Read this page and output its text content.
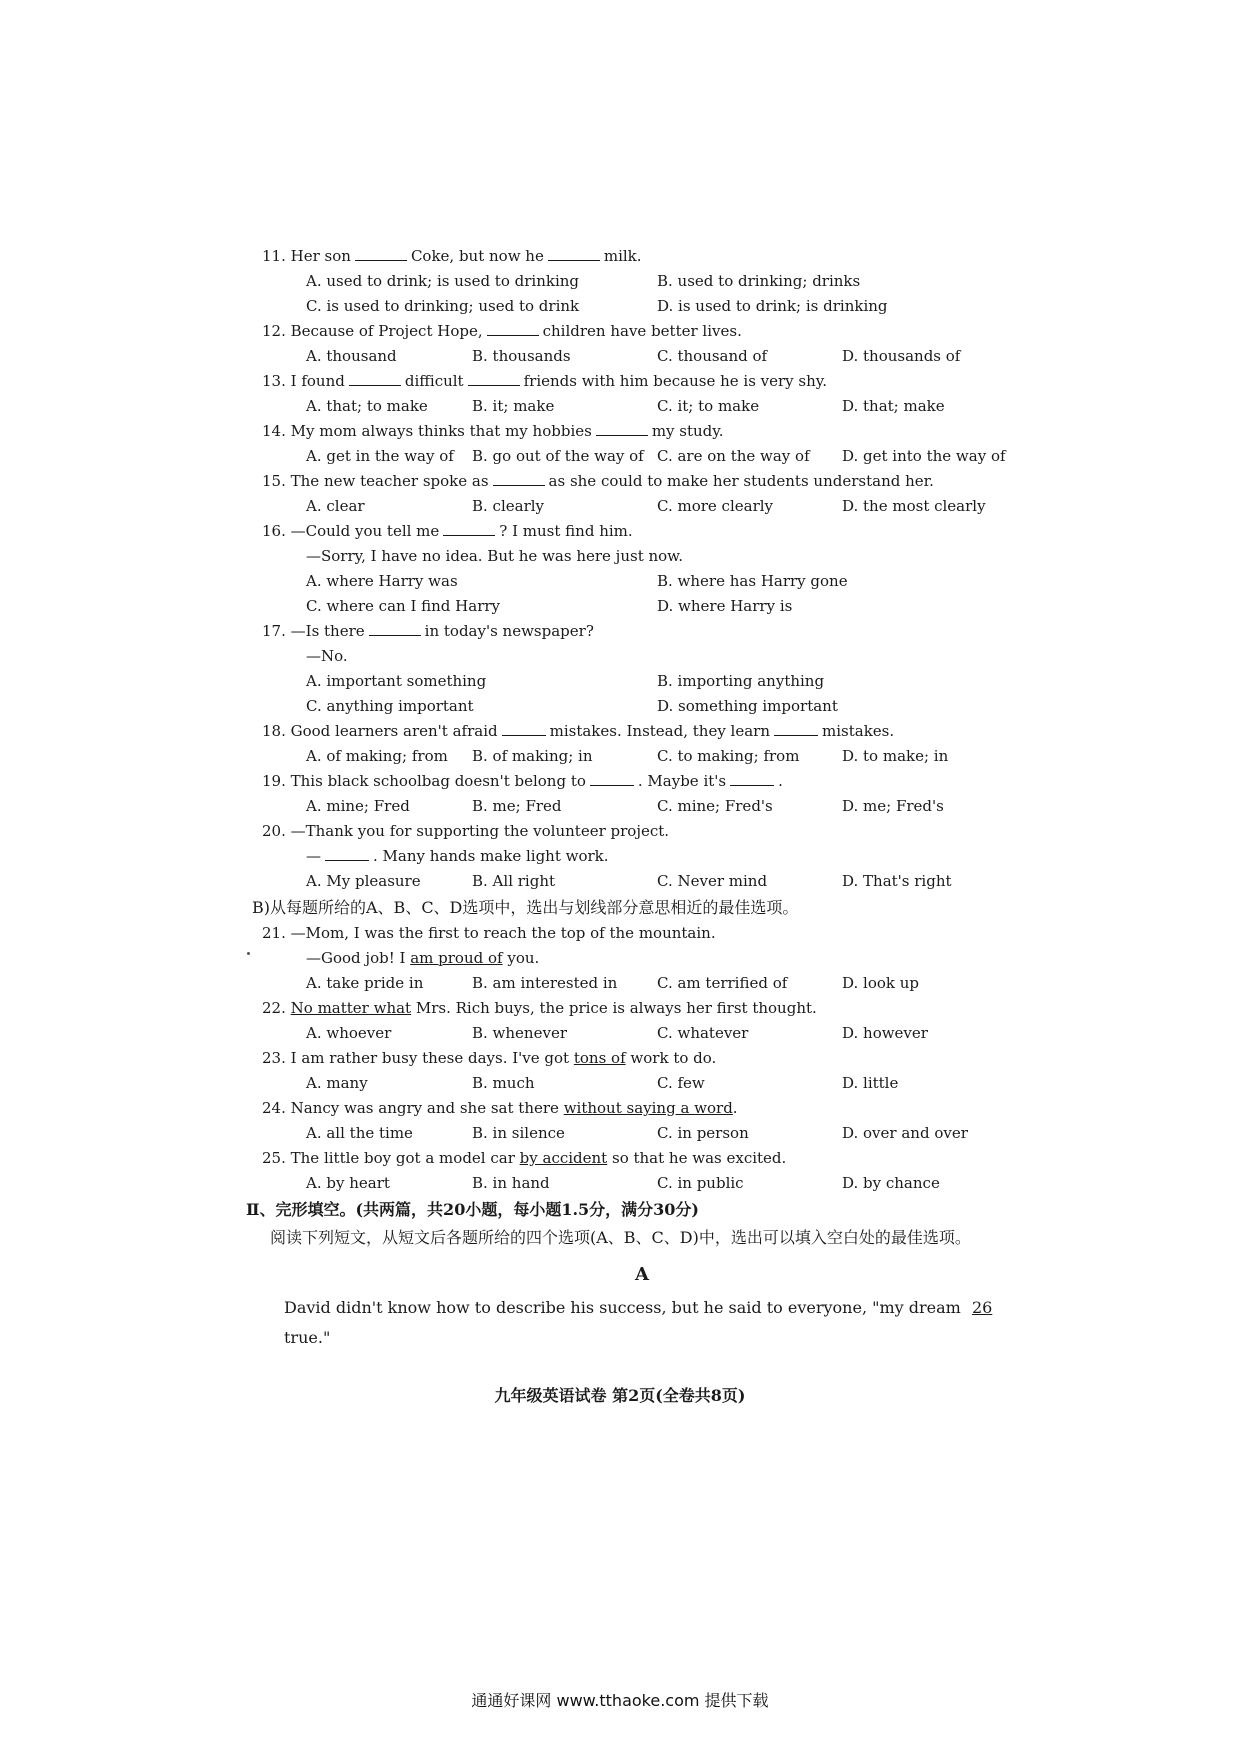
11. Her son	Coke, but now he	milk.

A. used to drink; is used to drinking	B. used to drinking; drinks
C. is used to drinking; used to drink	D. is used to drink; is drinking

12. Because of Project Hope,	children have better lives.

A. thousand	B. thousands	C. thousand of	D. thousands of

13. I found	difficult	friends with him because he is very shy.

A. that; to make	B. it; make	C. it; to make	D. that; make

14. My mom always thinks that my hobbies	my study.

A. get in the way of B. go out of the way of C. are on the way of D. get into the way of

15. The new teacher spoke as	as she could to make her students understand her.

A. clear	B. clearly	C. more clearly	D. the most clearly

16. —Could you tell me	? I must find him.

—Sorry, I have no idea. But he was here just now.

A. where Harry was	B. where has Harry gone
C. where can I find Harry	D. where Harry is

17. —Is there	in today's newspaper?

—No.

A. important something	B. importing anything
C. anything important	D. something important

18. Good learners aren't afraid	mistakes. Instead, they learn	mistakes.

A. of making; from B. of making; in	C. to making; from	D. to make; in

19. This black schoolbag doesn't belong to	. Maybe it's	.

A. mine; Fred	B. me; Fred	C. mine; Fred's	D. me; Fred's

20. —Thank you for supporting the volunteer project.

—	. Many hands make light work.

A. My pleasure	B. All right	C. Never mind	D. That's right

B)从每题所给的A、B、C、D选项中，选出与划线部分意思相近的最佳选项。

21. —Mom, I was the first to reach the top of the mountain.

—Good job! I am proud of you.

A. take pride in	B. am interested in	C. am terrified of	D. look up

22. No matter what Mrs. Rich buys, the price is always her first thought.

A. whoever	B. whenever	C. whatever	D. however

23. I am rather busy these days. I've got tons of work to do.

A. many	B. much	C. few	D. little

24. Nancy was angry and she sat there without saying a word.

A. all the time	B. in silence	C. in person	D. over and over

25. The little boy got a model car by accident so that he was excited.

A. by heart	B. in hand	C. in public	D. by chance

Ⅱ、完形填空。(共两篇，共20小题，每小题1.5分，满分30分)

阅读下列短文，从短文后各题所给的四个选项(A、B、C、D)中，选出可以填入空白处的最佳选项。

A

David didn't know how to describe his success, but he said to everyone, "my dream 26 true."

九年级英语试卷 第2页(全卷共8页)
通通好课网 www.tthaoke.com 提供下载
